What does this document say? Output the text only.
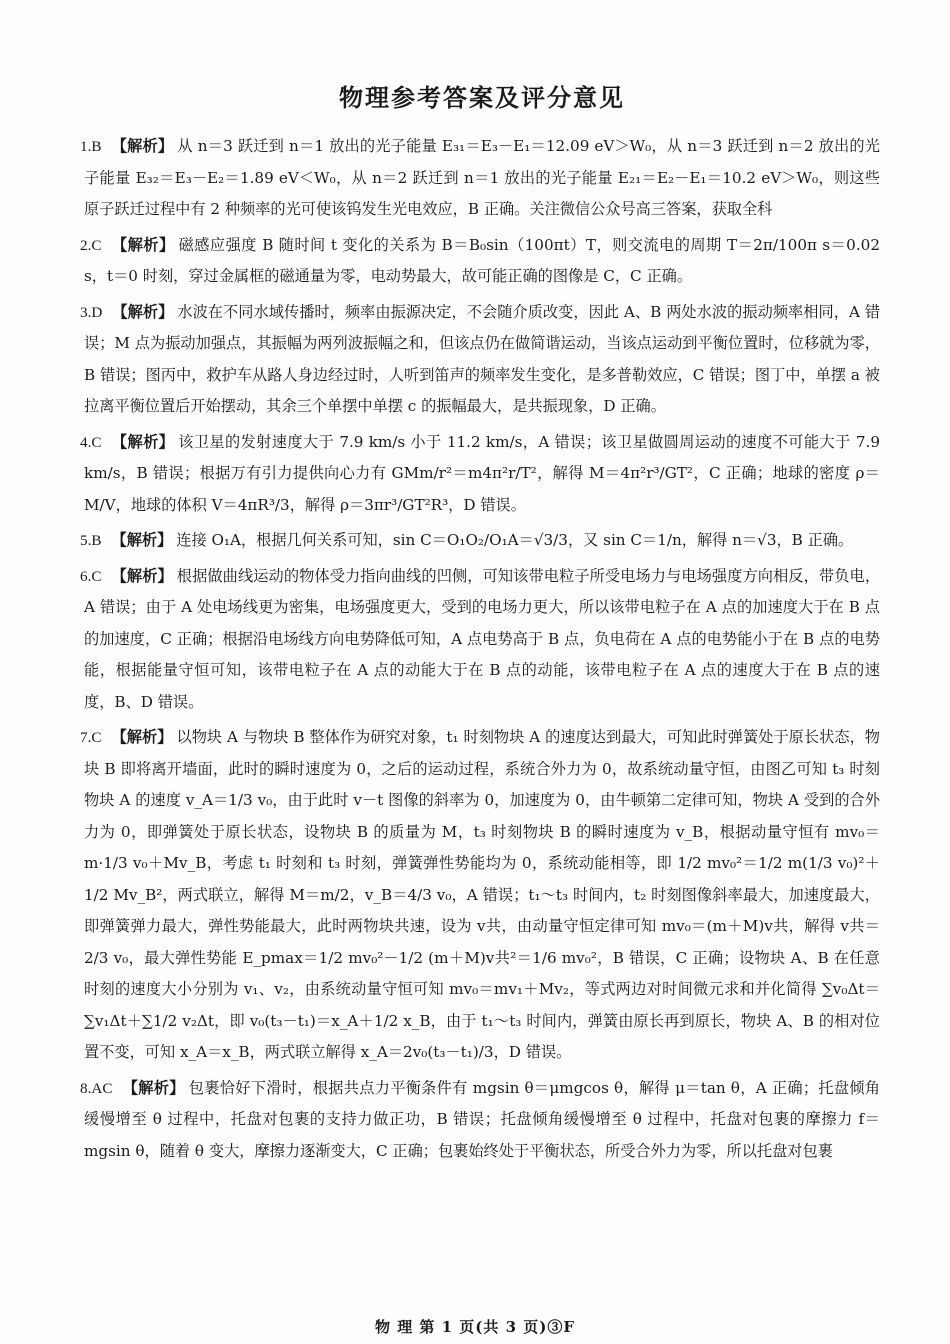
物理参考答案及评分意见
1.B 【解析】 从 n＝3 跃迁到 n＝1 放出的光子能量 E₃₁＝E₃－E₁＝12.09 eV＞W₀，从 n＝3 跃迁到 n＝2 放出的光子能量 E₃₂＝E₃－E₂＝1.89 eV＜W₀，从 n＝2 跃迁到 n＝1 放出的光子能量 E₂₁＝E₂－E₁＝10.2 eV＞W₀，则这些原子跃迁过程中有 2 种频率的光可使该钨发生光电效应，B 正确。关注微信公众号高三答案，获取全科
2.C 【解析】 磁感应强度 B 随时间 t 变化的关系为 B＝B₀sin（100πt）T，则交流电的周期 T＝2π/100π s＝0.02 s，t＝0 时刻，穿过金属框的磁通量为零，电动势最大，故可能正确的图像是 C，C 正确。
3.D 【解析】 水波在不同水域传播时，频率由振源决定，不会随介质改变，因此 A、B 两处水波的振动频率相同，A 错误；M 点为振动加强点，其振幅为两列波振幅之和，但该点仍在做简谐运动，当该点运动到平衡位置时，位移就为零，B 错误；图丙中，救护车从路人身边经过时，人听到笛声的频率发生变化，是多普勒效应，C 错误；图丁中，单摆 a 被拉离平衡位置后开始摆动，其余三个单摆中单摆 c 的振幅最大，是共振现象，D 正确。
4.C 【解析】 该卫星的发射速度大于 7.9 km/s 小于 11.2 km/s，A 错误；该卫星做圆周运动的速度不可能大于 7.9 km/s，B 错误；根据万有引力提供向心力有 GMm/r²＝m4π²r/T²，解得 M＝4π²r³/GT²，C 正确；地球的密度 ρ＝M/V，地球的体积 V＝4πR³/3，解得 ρ＝3πr³/GT²R³，D 错误。
5.B 【解析】 连接 O₁A，根据几何关系可知，sin C＝O₁O₂/O₁A＝√3/3，又 sin C＝1/n，解得 n＝√3，B 正确。
6.C 【解析】 根据做曲线运动的物体受力指向曲线的凹侧，可知该带电粒子所受电场力与电场强度方向相反，带负电，A 错误；由于 A 处电场线更为密集，电场强度更大，受到的电场力更大，所以该带电粒子在 A 点的加速度大于在 B 点的加速度，C 正确；根据沿电场线方向电势降低可知，A 点电势高于 B 点，负电荷在 A 点的电势能小于在 B 点的电势能，根据能量守恒可知，该带电粒子在 A 点的动能大于在 B 点的动能，该带电粒子在 A 点的速度大于在 B 点的速度，B、D 错误。
7.C 【解析】 以物块 A 与物块 B 整体作为研究对象，t₁ 时刻物块 A 的速度达到最大，可知此时弹簧处于原长状态，物块 B 即将离开墙面，此时的瞬时速度为 0，之后的运动过程，系统合外力为 0，故系统动量守恒，由图乙可知 t₃ 时刻物块 A 的速度 v_A＝1/3 v₀，由于此时 v－t 图像的斜率为 0，加速度为 0，由牛顿第二定律可知，物块 A 受到的合外力为 0，即弹簧处于原长状态，设物块 B 的质量为 M，t₃ 时刻物块 B 的瞬时速度为 v_B，根据动量守恒有 mv₀＝m·1/3 v₀＋Mv_B，考虑 t₁ 时刻和 t₃ 时刻，弹簧弹性势能均为 0，系统动能相等，即 1/2 mv₀²＝1/2 m(1/3 v₀)²＋1/2 Mv_B²，两式联立，解得 M＝m/2，v_B＝4/3 v₀，A 错误；t₁～t₃ 时间内，t₂ 时刻图像斜率最大，加速度最大，即弹簧弹力最大，弹性势能最大，此时两物块共速，设为 v共，由动量守恒定律可知 mv₀＝(m＋M)v共，解得 v共＝2/3 v₀，最大弹性势能 E_pmax＝1/2 mv₀²－1/2 (m＋M)v共²＝1/6 mv₀²，B 错误，C 正确；设物块 A、B 在任意时刻的速度大小分别为 v₁、v₂，由系统动量守恒可知 mv₀＝mv₁＋Mv₂，等式两边对时间微元求和并化简得 ∑v₀Δt＝∑v₁Δt＋∑1/2 v₂Δt，即 v₀(t₃－t₁)＝x_A＋1/2 x_B，由于 t₁～t₃ 时间内，弹簧由原长再到原长，物块 A、B 的相对位置不变，可知 x_A＝x_B，两式联立解得 x_A＝2v₀(t₃－t₁)/3，D 错误。
8.AC 【解析】 包裹恰好下滑时，根据共点力平衡条件有 mgsin θ＝μmgcos θ，解得 μ＝tan θ，A 正确；托盘倾角缓慢增至 θ 过程中，托盘对包裹的支持力做正功，B 错误；托盘倾角缓慢增至 θ 过程中，托盘对包裹的摩擦力 f＝mgsin θ，随着 θ 变大，摩擦力逐渐变大，C 正确；包裹始终处于平衡状态，所受合外力为零，所以托盘对包裹
物 理 第 1 页(共 3 页)③F
